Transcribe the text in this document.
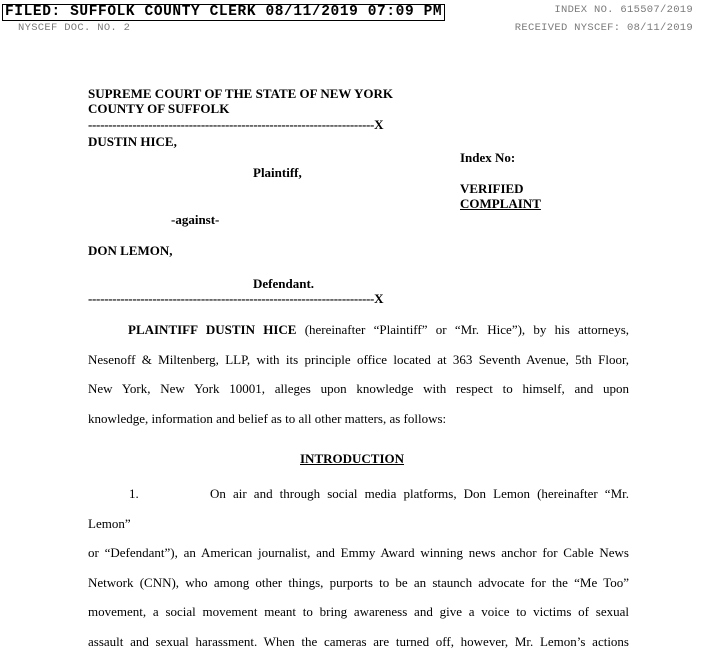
FILED: SUFFOLK COUNTY CLERK 08/11/2019 07:09 PM
NYSCEF DOC. NO. 2
INDEX NO. 615507/2019
RECEIVED NYSCEF: 08/11/2019
SUPREME COURT OF THE STATE OF NEW YORK
COUNTY OF SUFFOLK
-----------------------------------------------------------------------X
DUSTIN HICE,
Index No:
Plaintiff,
VERIFIED
COMPLAINT
-against-
DON LEMON,
Defendant.
-----------------------------------------------------------------------X

PLAINTIFF DUSTIN HICE (hereinafter “Plaintiff” or “Mr. Hice”), by his attorneys,

Nesenoff & Miltenberg, LLP, with its principle office located at 363 Seventh Avenue, 5th Floor,

New York, New York 10001, alleges upon knowledge with respect to himself, and upon

knowledge, information and belief as to all other matters, as follows:

INTRODUCTION

1.	On air and through social media platforms, Don Lemon (hereinafter “Mr. Lemon”

or “Defendant”), an American journalist, and Emmy Award winning news anchor for Cable News

Network (CNN), who among other things, purports to be an staunch advocate for the “Me Too”

movement, a social movement meant to bring awareness and give a voice to victims of sexual

assault and sexual harassment. When the cameras are turned off, however, Mr. Lemon’s actions
